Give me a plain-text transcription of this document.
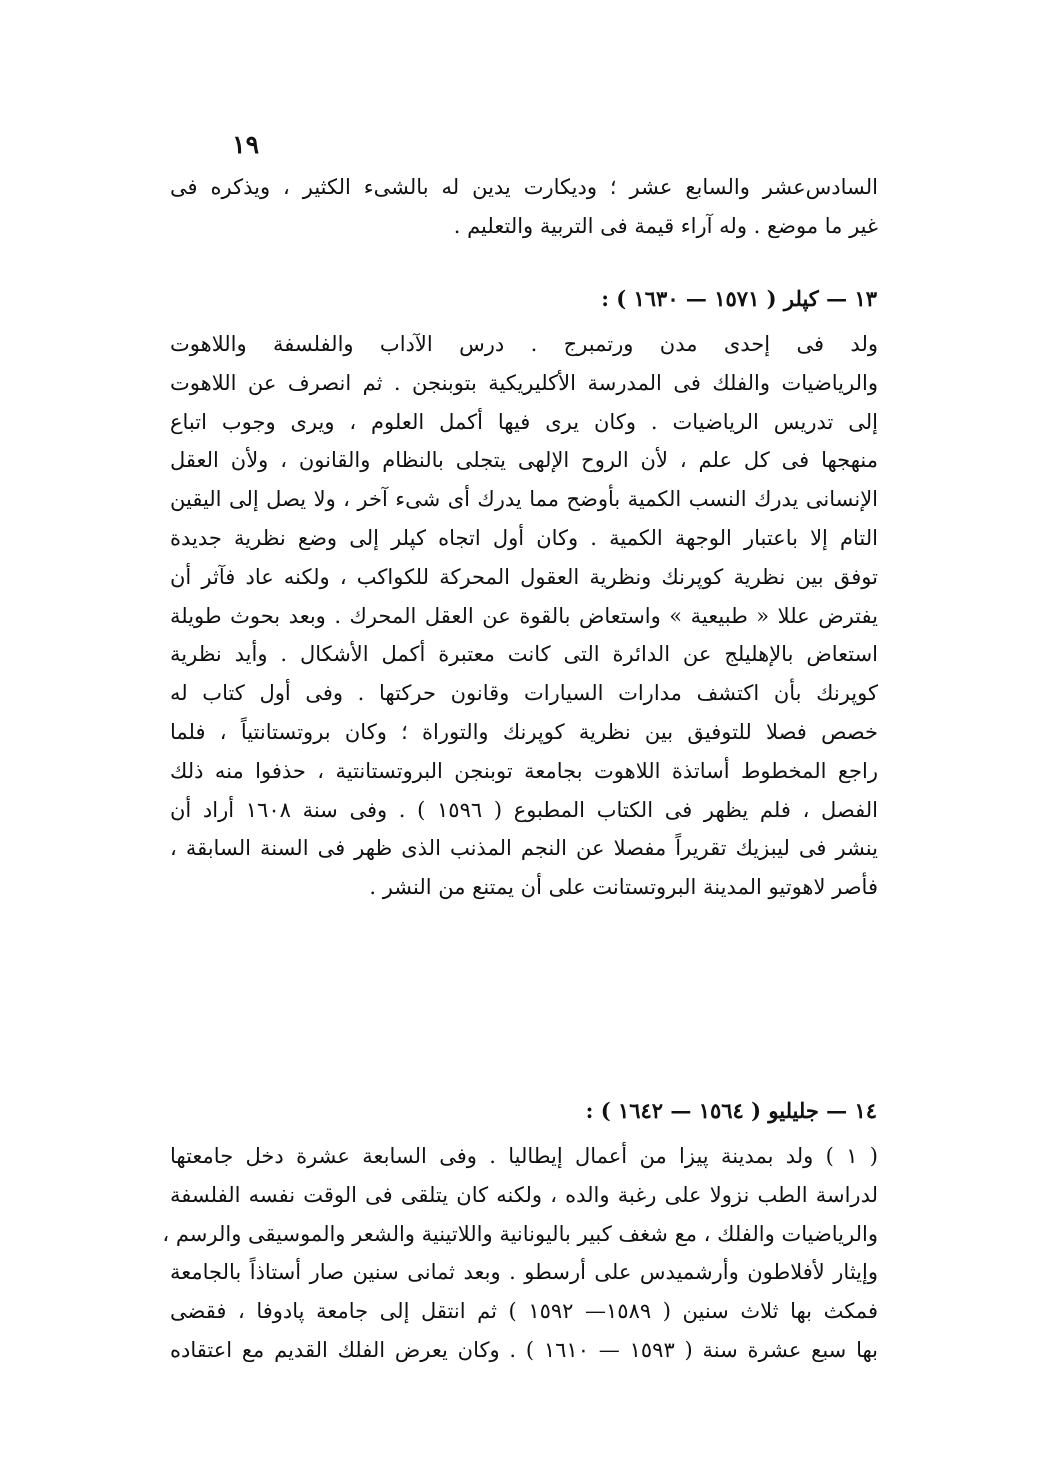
١٩
السادس‌عشر والسابع عشر ؛ وديكارت يدين له بالشىء الكثير ، ويذكره فى
غير ما موضع . وله آراء قيمة فى التربية والتعليم .
١٣ — كپلر ( ١٥٧١ — ١٦٣٠ ) :
ولد فى إحدى مدن ورتمبرج . درس الآداب والفلسفة واللاهوت
والرياضيات والفلك فى المدرسة الأكليريكية بتوبنجن . ثم انصرف عن اللاهوت
إلى تدريس الرياضيات . وكان يرى فيها أكمل العلوم ، ويرى وجوب اتباع
منهجها فى كل علم ، لأن الروح الإلهى يتجلى بالنظام والقانون ، ولأن العقل
الإنسانى يدرك النسب الكمية بأوضح مما يدرك أى شىء آخر ، ولا يصل إلى اليقين
التام إلا باعتبار الوجهة الكمية . وكان أول اتجاه كپلر إلى وضع نظرية جديدة
توفق بين نظرية كوپرنك ونظرية العقول المحركة للكواكب ، ولكنه عاد فآثر أن
يفترض عللا « طبيعية » واستعاض بالقوة عن العقل المحرك . وبعد بحوث طويلة
استعاض بالإهليلج عن الدائرة التى كانت معتبرة أكمل الأشكال . وأيد نظرية
كوپرنك بأن اكتشف مدارات السيارات وقانون حركتها . وفى أول كتاب له
خصص فصلا للتوفيق بين نظرية كوپرنك والتوراة ؛ وكان بروتستانتياً ، فلما
راجع المخطوط أساتذة اللاهوت بجامعة توبنجن البروتستانتية ، حذفوا منه ذلك
الفصل ، فلم يظهر فى الكتاب المطبوع ( ١٥٩٦ ) . وفى سنة ١٦٠٨ أراد أن
ينشر فى ليبزيك تقريراً مفصلا عن النجم المذنب الذى ظهر فى السنة السابقة ،
فأصر لاهوتيو المدينة البروتستانت على أن يمتنع من النشر .
١٤ — جليليو ( ١٥٦٤ — ١٦٤٢ ) :
( ١ ) ولد بمدينة پيزا من أعمال إيطاليا . وفى السابعة عشرة دخل جامعتها
لدراسة الطب نزولا على رغبة والده ، ولكنه كان يتلقى فى الوقت نفسه الفلسفة
والرياضيات والفلك ، مع شغف كبير باليونانية واللاتينية والشعر والموسيقى والرسم ،
وإيثار لأفلاطون وأرشميدس على أرسطو . وبعد ثمانى سنين صار أستاذاً بالجامعة
فمكث بها ثلاث سنين ( ١٥٨٩— ١٥٩٢ ) ثم انتقل إلى جامعة پادوفا ، فقضى
بها سبع عشرة سنة ( ١٥٩٣ — ١٦١٠ ) . وكان يعرض الفلك القديم مع اعتقاده
